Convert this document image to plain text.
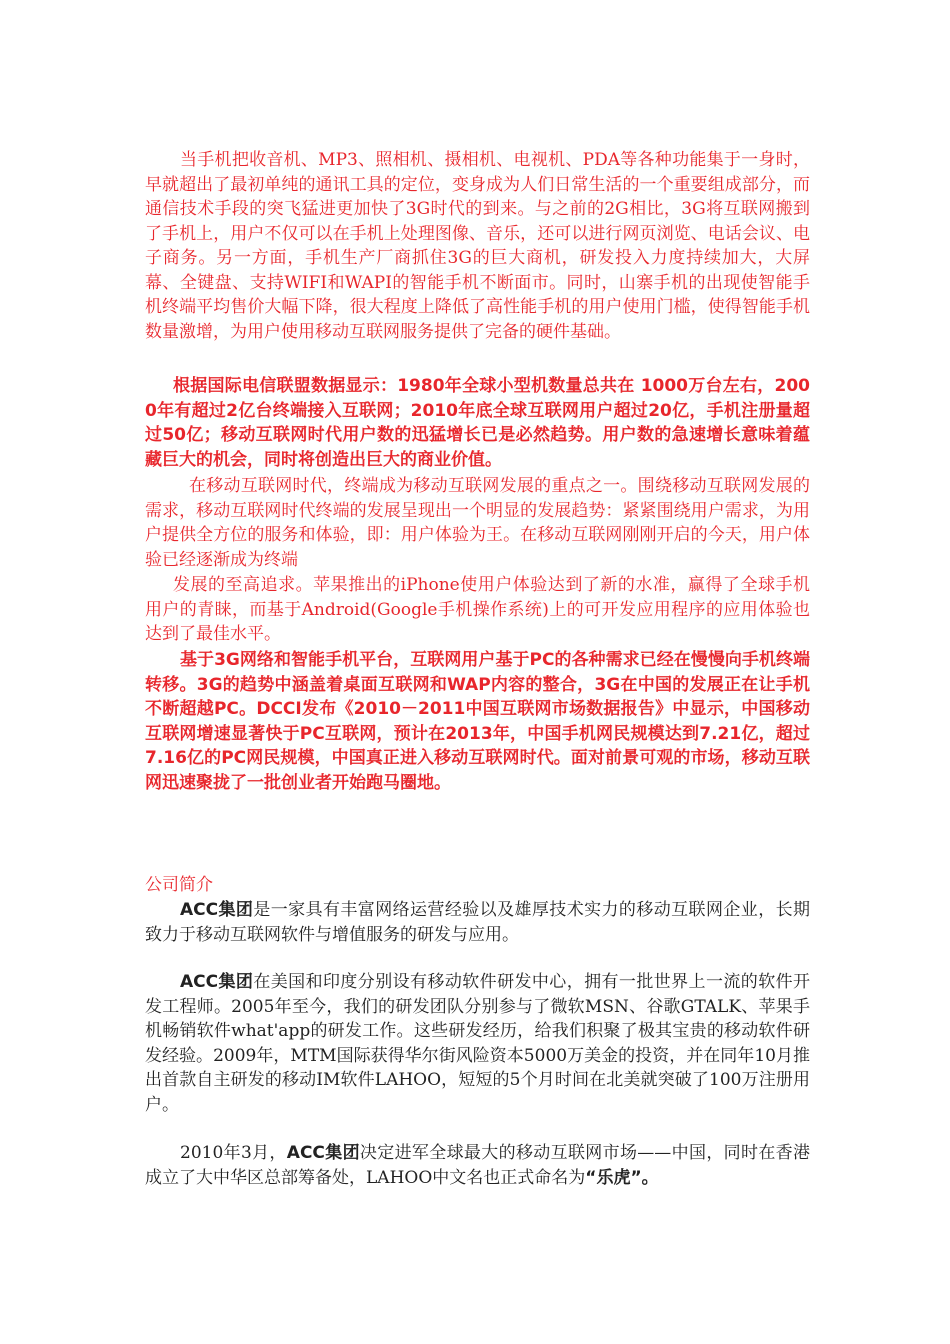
当手机把收音机、MP3、照相机、摄相机、电视机、PDA等各种功能集于一身时，早就超出了最初单纯的通讯工具的定位，变身成为人们日常生活的一个重要组成部分，而通信技术手段的突飞猛进更加快了3G时代的到来。与之前的2G相比，3G将互联网搬到了手机上，用户不仅可以在手机上处理图像、音乐，还可以进行网页浏览、电话会议、电子商务。另一方面，手机生产厂商抓住3G的巨大商机，研发投入力度持续加大，大屏幕、全键盘、支持WIFI和WAPI的智能手机不断面市。同时，山寨手机的出现使智能手机终端平均售价大幅下降，很大程度上降低了高性能手机的用户使用门槛，使得智能手机数量激增，为用户使用移动互联网服务提供了完备的硬件基础。

根据国际电信联盟数据显示：1980年全球小型机数量总共在 1000万台左右，2000年有超过2亿台终端接入互联网；2010年底全球互联网用户超过20亿，手机注册量超过50亿；移动互联网时代用户数的迅猛增长已是必然趋势。用户数的急速增长意味着蕴藏巨大的机会，同时将创造出巨大的商业价值。

在移动互联网时代，终端成为移动互联网发展的重点之一。围绕移动互联网发展的需求，移动互联网时代终端的发展呈现出一个明显的发展趋势：紧紧围绕用户需求，为用户提供全方位的服务和体验，即：用户体验为王。在移动互联网刚刚开启的今天，用户体验已经逐渐成为终端

发展的至高追求。苹果推出的iPhone使用户体验达到了新的水准，赢得了全球手机用户的青睐，而基于Android(Google手机操作系统)上的可开发应用程序的应用体验也达到了最佳水平。

基于3G网络和智能手机平台，互联网用户基于PC的各种需求已经在慢慢向手机终端转移。3G的趋势中涵盖着桌面互联网和WAP内容的整合，3G在中国的发展正在让手机不断超越PC。DCCI发布《2010－2011中国互联网市场数据报告》中显示，中国移动互联网增速显著快于PC互联网，预计在2013年，中国手机网民规模达到7.21亿，超过7.16亿的PC网民规模，中国真正进入移动互联网时代。面对前景可观的市场，移动互联网迅速聚拢了一批创业者开始跑马圈地。

公司简介

ACC集团是一家具有丰富网络运营经验以及雄厚技术实力的移动互联网企业，长期致力于移动互联网软件与增值服务的研发与应用。

ACC集团在美国和印度分别设有移动软件研发中心，拥有一批世界上一流的软件开发工程师。2005年至今，我们的研发团队分别参与了微软MSN、谷歌GTALK、苹果手机畅销软件what'app的研发工作。这些研发经历，给我们积聚了极其宝贵的移动软件研发经验。2009年，MTM国际获得华尔街风险资本5000万美金的投资，并在同年10月推出首款自主研发的移动IM软件LAHOO，短短的5个月时间在北美就突破了100万注册用户。

2010年3月，ACC集团决定进军全球最大的移动互联网市场——中国，同时在香港成立了大中华区总部筹备处，LAHOO中文名也正式命名为“乐虎”。
